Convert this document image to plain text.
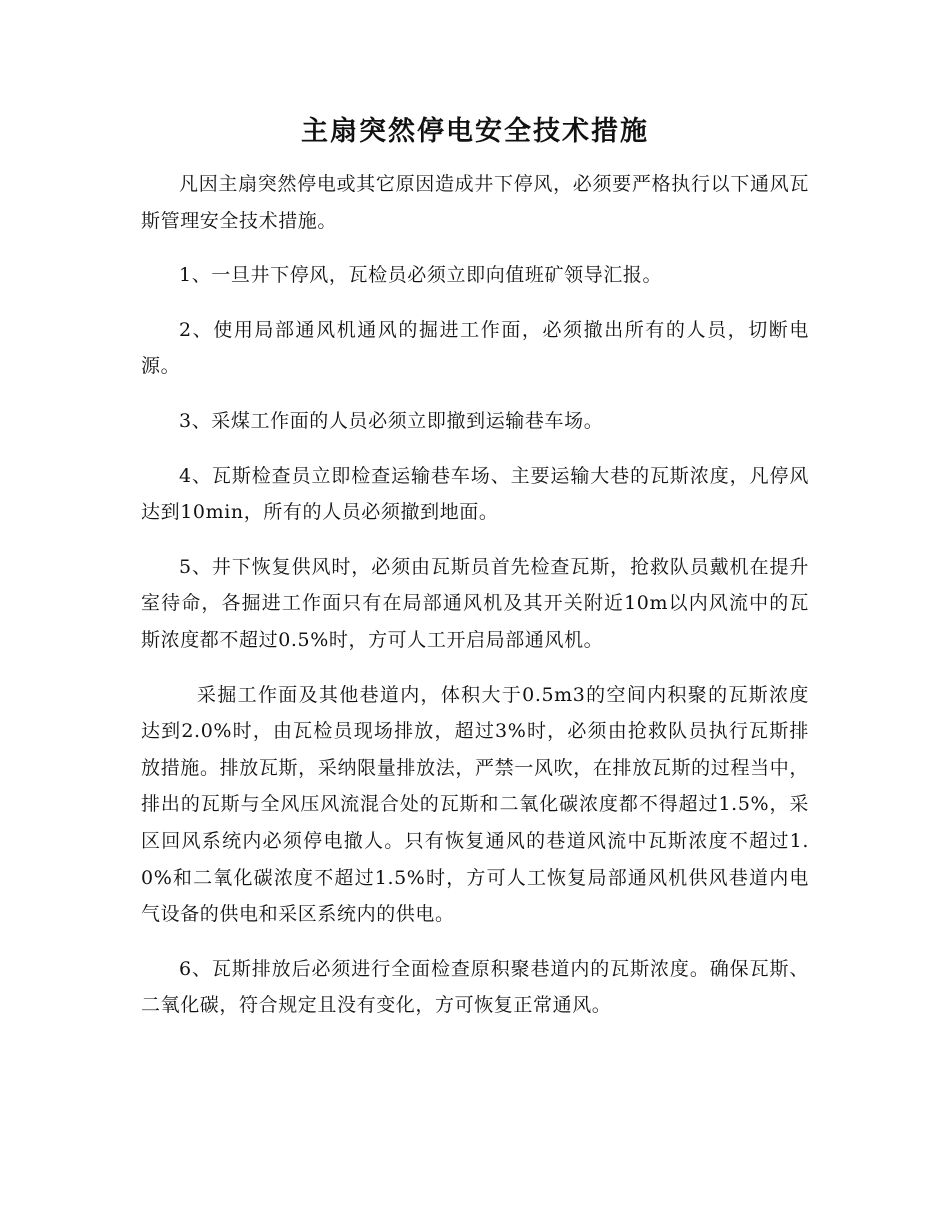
主扇突然停电安全技术措施

凡因主扇突然停电或其它原因造成井下停风，必须要严格执行以下通风瓦斯管理安全技术措施。

1、一旦井下停风，瓦检员必须立即向值班矿领导汇报。

2、使用局部通风机通风的掘进工作面，必须撤出所有的人员，切断电源。

3、采煤工作面的人员必须立即撤到运输巷车场。

4、瓦斯检查员立即检查运输巷车场、主要运输大巷的瓦斯浓度，凡停风达到10min，所有的人员必须撤到地面。

5、井下恢复供风时，必须由瓦斯员首先检查瓦斯，抢救队员戴机在提升室待命，各掘进工作面只有在局部通风机及其开关附近10m以内风流中的瓦斯浓度都不超过0.5%时，方可人工开启局部通风机。

采掘工作面及其他巷道内，体积大于0.5m3的空间内积聚的瓦斯浓度达到2.0%时，由瓦检员现场排放，超过3%时，必须由抢救队员执行瓦斯排放措施。排放瓦斯，采纳限量排放法，严禁一风吹，在排放瓦斯的过程当中，排出的瓦斯与全风压风流混合处的瓦斯和二氧化碳浓度都不得超过1.5%，采区回风系统内必须停电撤人。只有恢复通风的巷道风流中瓦斯浓度不超过1.0%和二氧化碳浓度不超过1.5%时，方可人工恢复局部通风机供风巷道内电气设备的供电和采区系统内的供电。

6、瓦斯排放后必须进行全面检查原积聚巷道内的瓦斯浓度。确保瓦斯、二氧化碳，符合规定且没有变化，方可恢复正常通风。
